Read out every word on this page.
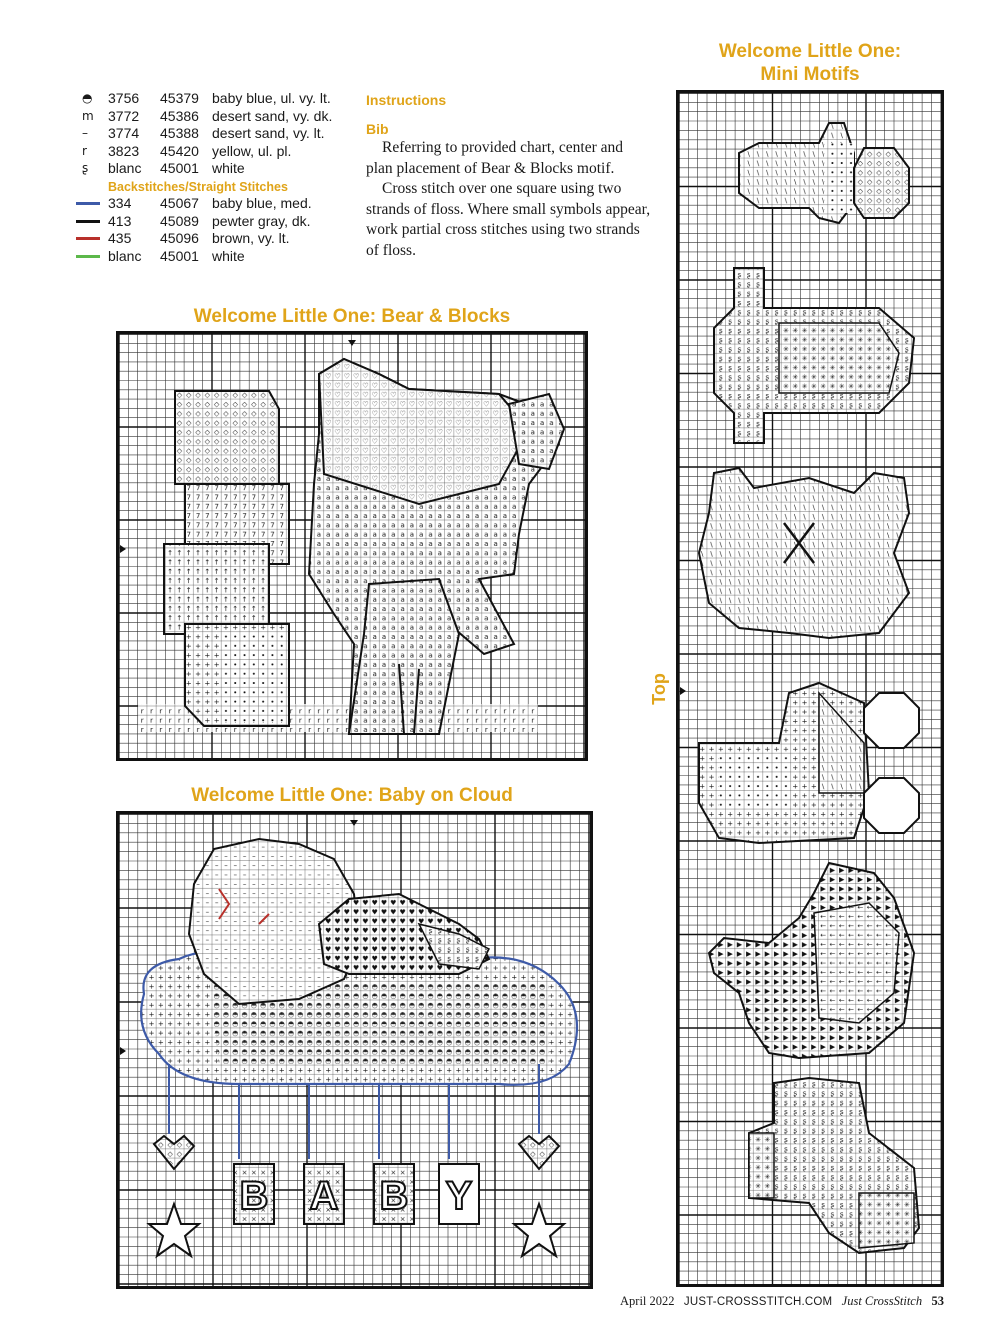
◓	3756	45379 baby blue, ul. vy. lt.
m	3772	45386 desert sand, vy. dk.
–	3774	45388 desert sand, vy. lt.
r	3823	45420 yellow, ul. pl.
ʂ	blanc	45001 white
Backstitches/Straight Stitches
334	45067 baby blue, med.
413	45089 pewter gray, dk.
435	45096 brown, vy. lt.
blanc	45001 white
Instructions
Bib

Referring to provided chart, center and plan placement of Bear & Blocks motif.

Cross stitch over one square using two strands of floss. Where small symbols appear, work partial cross stitches using two strands of floss.

Welcome Little One:
Mini Motifs
Welcome Little One: Bear & Blocks
Welcome Little One: Baby on Cloud
B A B Y
Top
April 2022 JUST-CROSSSTITCH.COM Just CrossStitch 53
